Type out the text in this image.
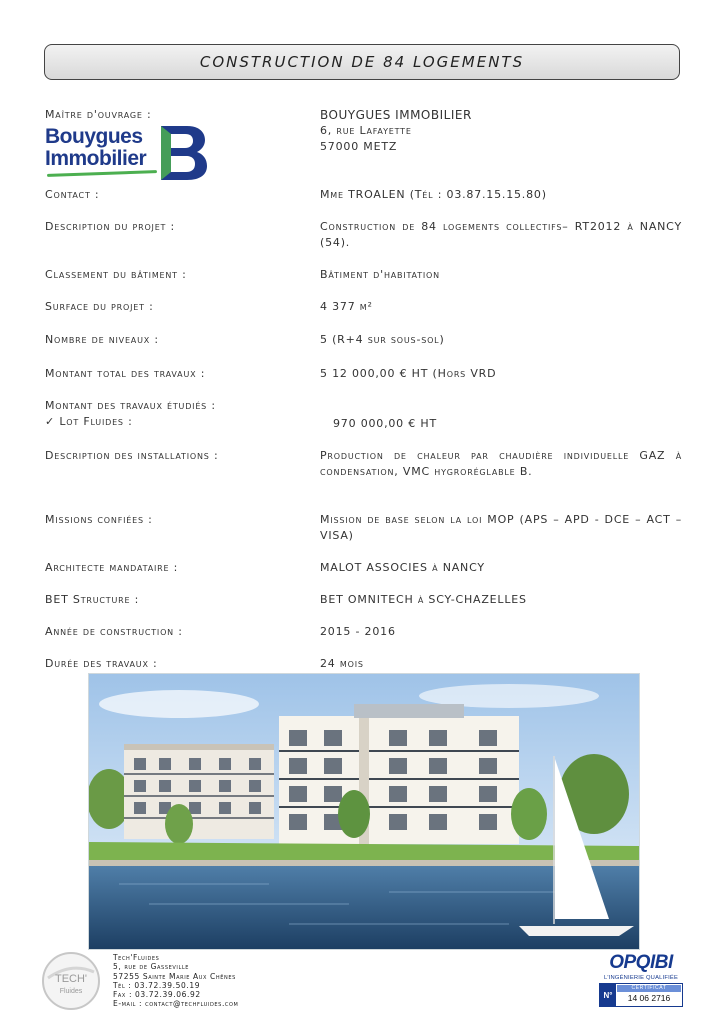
CONSTRUCTION DE 84 LOGEMENTS
Maître d'ouvrage :	BOUYGUES IMMOBILIER
6, rue Lafayette
57000 METZ
Bouygues
Immobilier
Contact :	Mme TROALEN (Tél : 03.87.15.15.80)
Description du projet :	Construction de 84 logements collectifs– RT2012 à NANCY (54).
Classement du bâtiment :	Bâtiment d'habitation
Surface du projet :	4 377 m²
Nombre de niveaux :	5 (R+4 sur sous-sol)
Montant total des travaux :	5 12 000,00 € HT (Hors VRD
Montant des travaux étudiés :
✓ Lot Fluides :	970 000,00 € HT
Description des installations :	Production de chaleur par chaudière individuelle GAZ à condensation, VMC hygroréglable B.
Missions confiées :	Mission de base selon la loi MOP (APS – APD - DCE – ACT – VISA)
Architecte mandataire :	MALOT ASSOCIES à NANCY
BET Structure :	BET OMNITECH à SCY-CHAZELLES
Année de construction :	2015 - 2016
Durée des travaux :	24 mois
TECH'
Fluides
Tech'Fluides
5, rue de Gasseville
57255 Sainte Marie Aux Chênes
Tél : 03.72.39.50.19
Fax : 03.72.39.06.92
E-mail : contact@techfluides.com
OPQIBI
L'INGÉNIERIE QUALIFIÉE
N°
CERTIFICAT
14 06 2716
